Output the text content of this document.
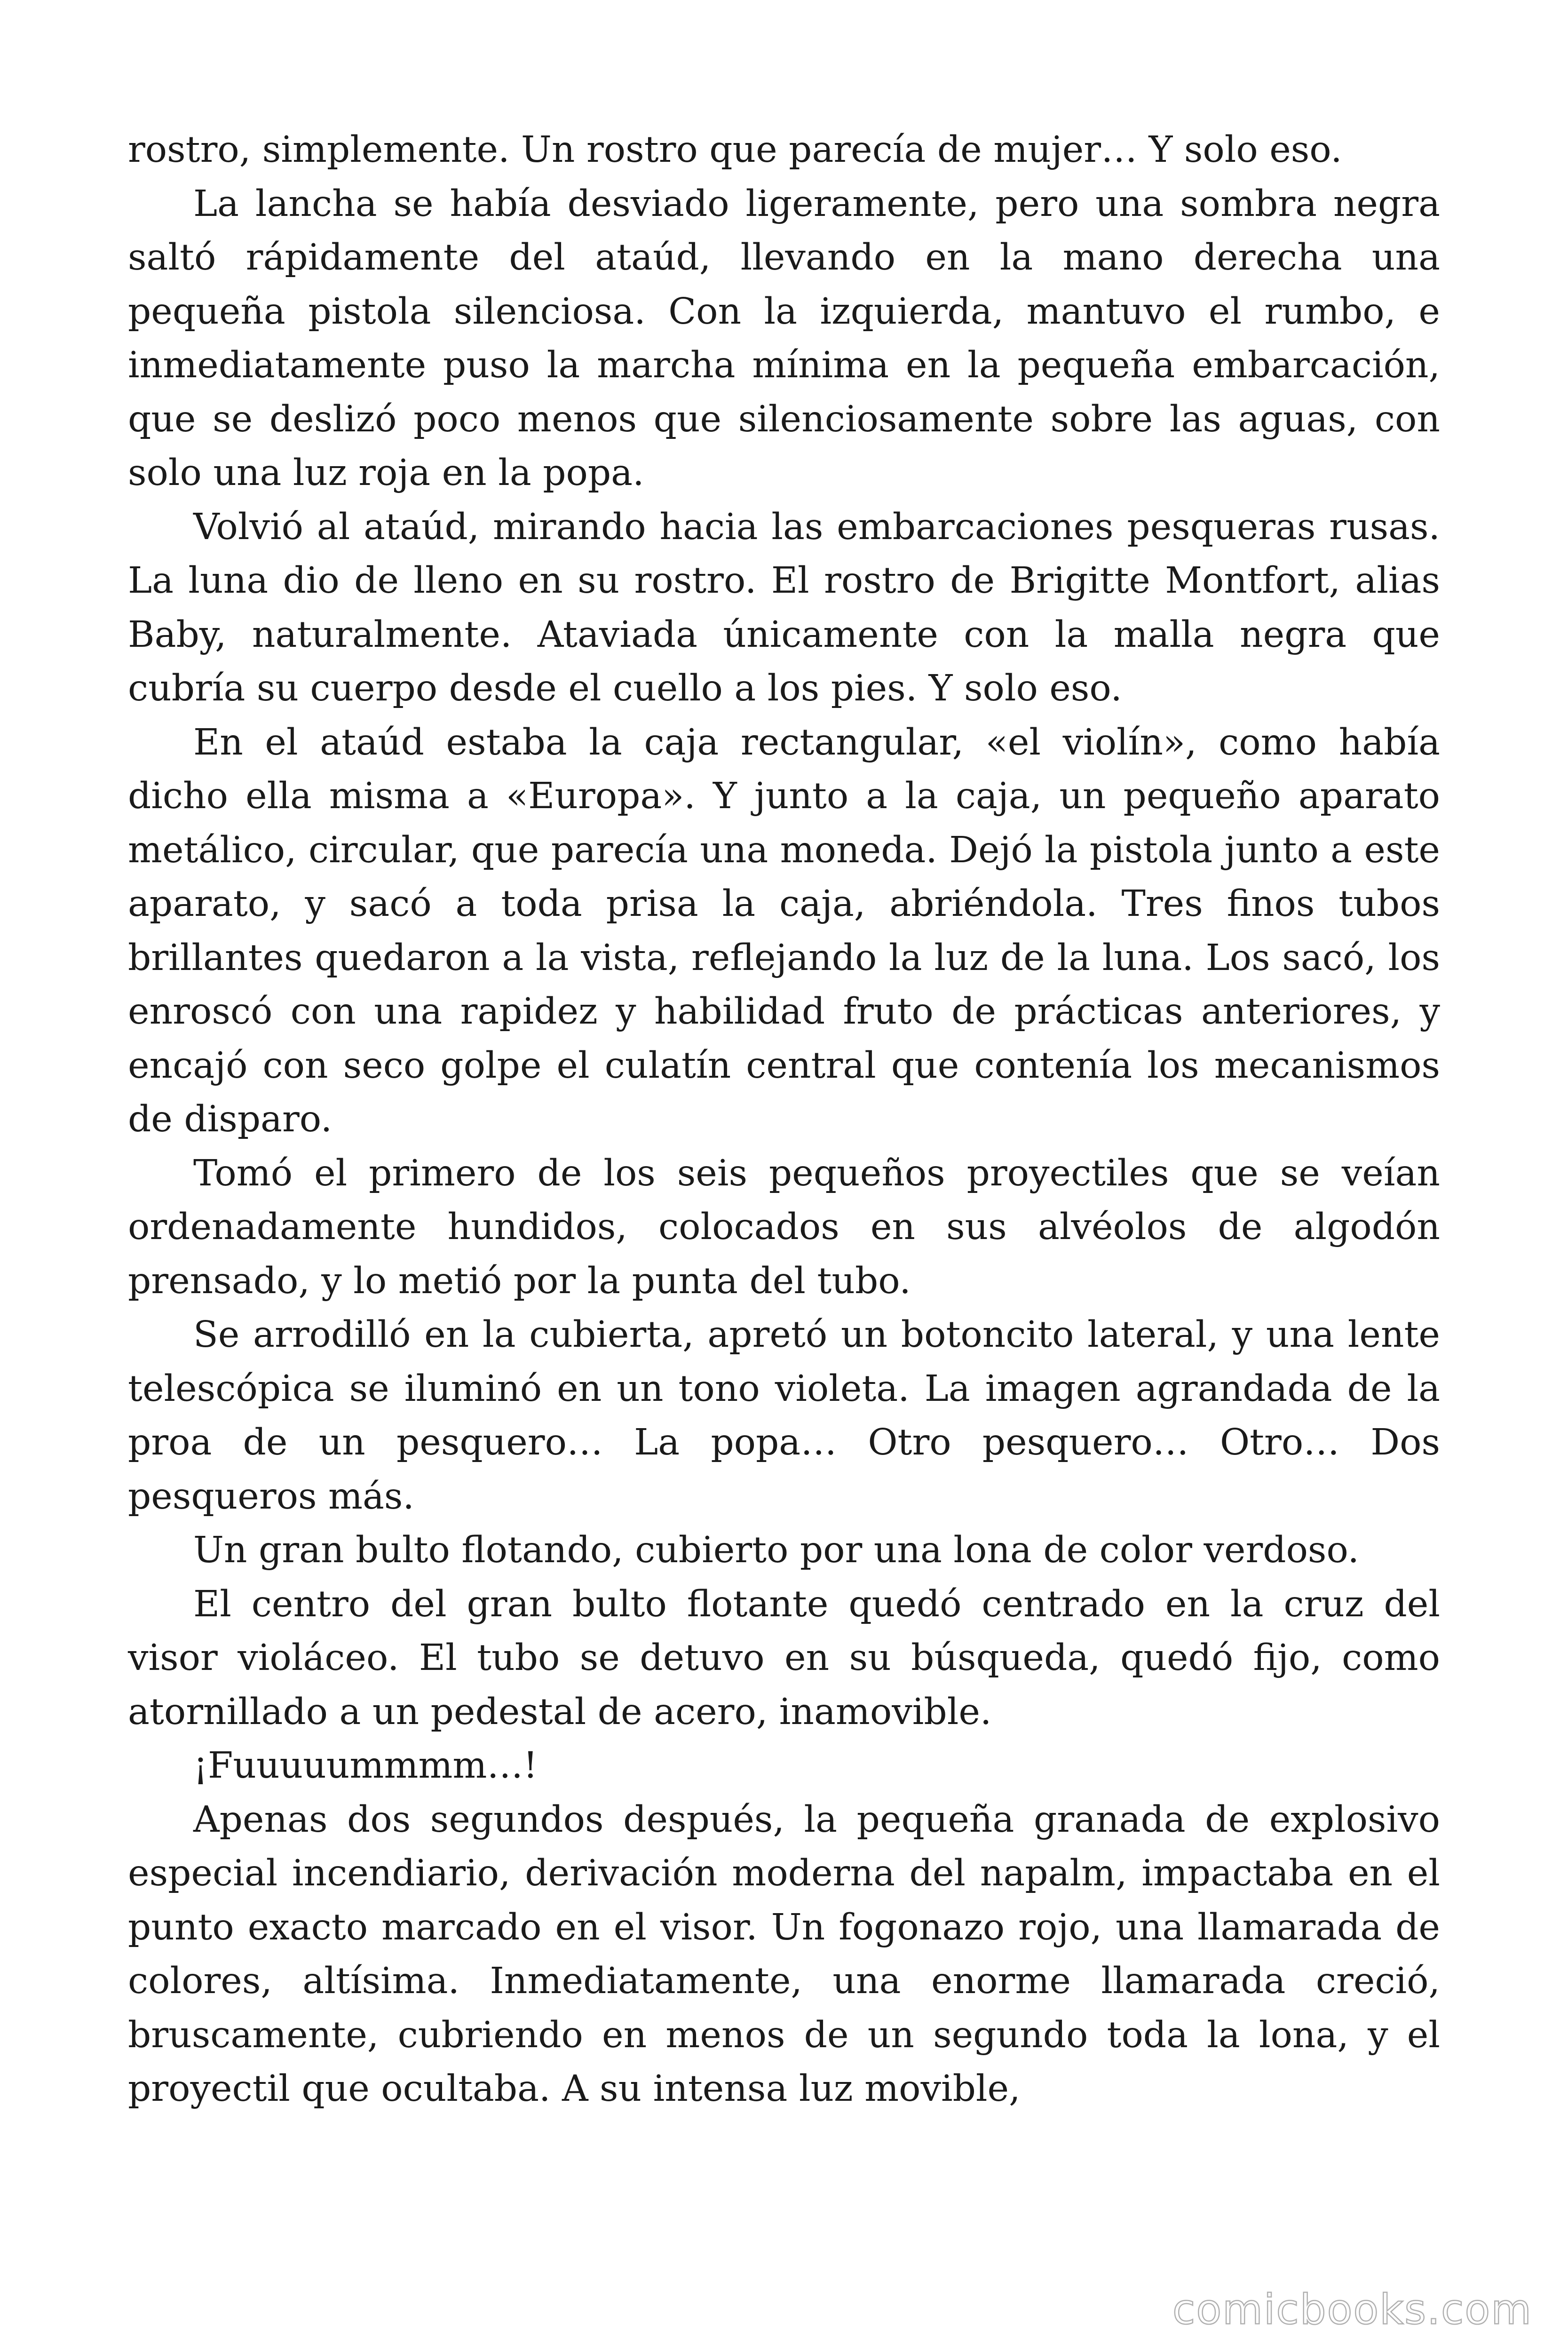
rostro, simplemente. Un rostro que parecía de mujer… Y solo eso.

La lancha se había desviado ligeramente, pero una sombra negra saltó rápidamente del ataúd, llevando en la mano derecha una pequeña pistola silenciosa. Con la izquierda, mantuvo el rumbo, e inmediatamente puso la marcha mínima en la pequeña embarcación, que se deslizó poco menos que silenciosamente sobre las aguas, con solo una luz roja en la popa.

Volvió al ataúd, mirando hacia las embarcaciones pesqueras rusas. La luna dio de lleno en su rostro. El rostro de Brigitte Montfort, alias Baby, naturalmente. Ataviada únicamente con la malla negra que cubría su cuerpo desde el cuello a los pies. Y solo eso.

En el ataúd estaba la caja rectangular, «el violín», como había dicho ella misma a «Europa». Y junto a la caja, un pequeño aparato metálico, circular, que parecía una moneda. Dejó la pistola junto a este aparato, y sacó a toda prisa la caja, abriéndola. Tres finos tubos brillantes quedaron a la vista, reflejando la luz de la luna. Los sacó, los enroscó con una rapidez y habilidad fruto de prácticas anteriores, y encajó con seco golpe el culatín central que contenía los mecanismos de disparo.

Tomó el primero de los seis pequeños proyectiles que se veían ordenadamente hundidos, colocados en sus alvéolos de algodón prensado, y lo metió por la punta del tubo.

Se arrodilló en la cubierta, apretó un botoncito lateral, y una lente telescópica se iluminó en un tono violeta. La imagen agrandada de la proa de un pesquero… La popa… Otro pesquero… Otro… Dos pesqueros más.

Un gran bulto flotando, cubierto por una lona de color verdoso.

El centro del gran bulto flotante quedó centrado en la cruz del visor violáceo. El tubo se detuvo en su búsqueda, quedó fijo, como atornillado a un pedestal de acero, inamovible.

¡Fuuuuummmm…!

Apenas dos segundos después, la pequeña granada de explosivo especial incendiario, derivación moderna del napalm, impactaba en el punto exacto marcado en el visor. Un fogonazo rojo, una llamarada de colores, altísima. Inmediatamente, una enorme llamarada creció, bruscamente, cubriendo en menos de un segundo toda la lona, y el proyectil que ocultaba. A su intensa luz movible,

comicbooks.com
